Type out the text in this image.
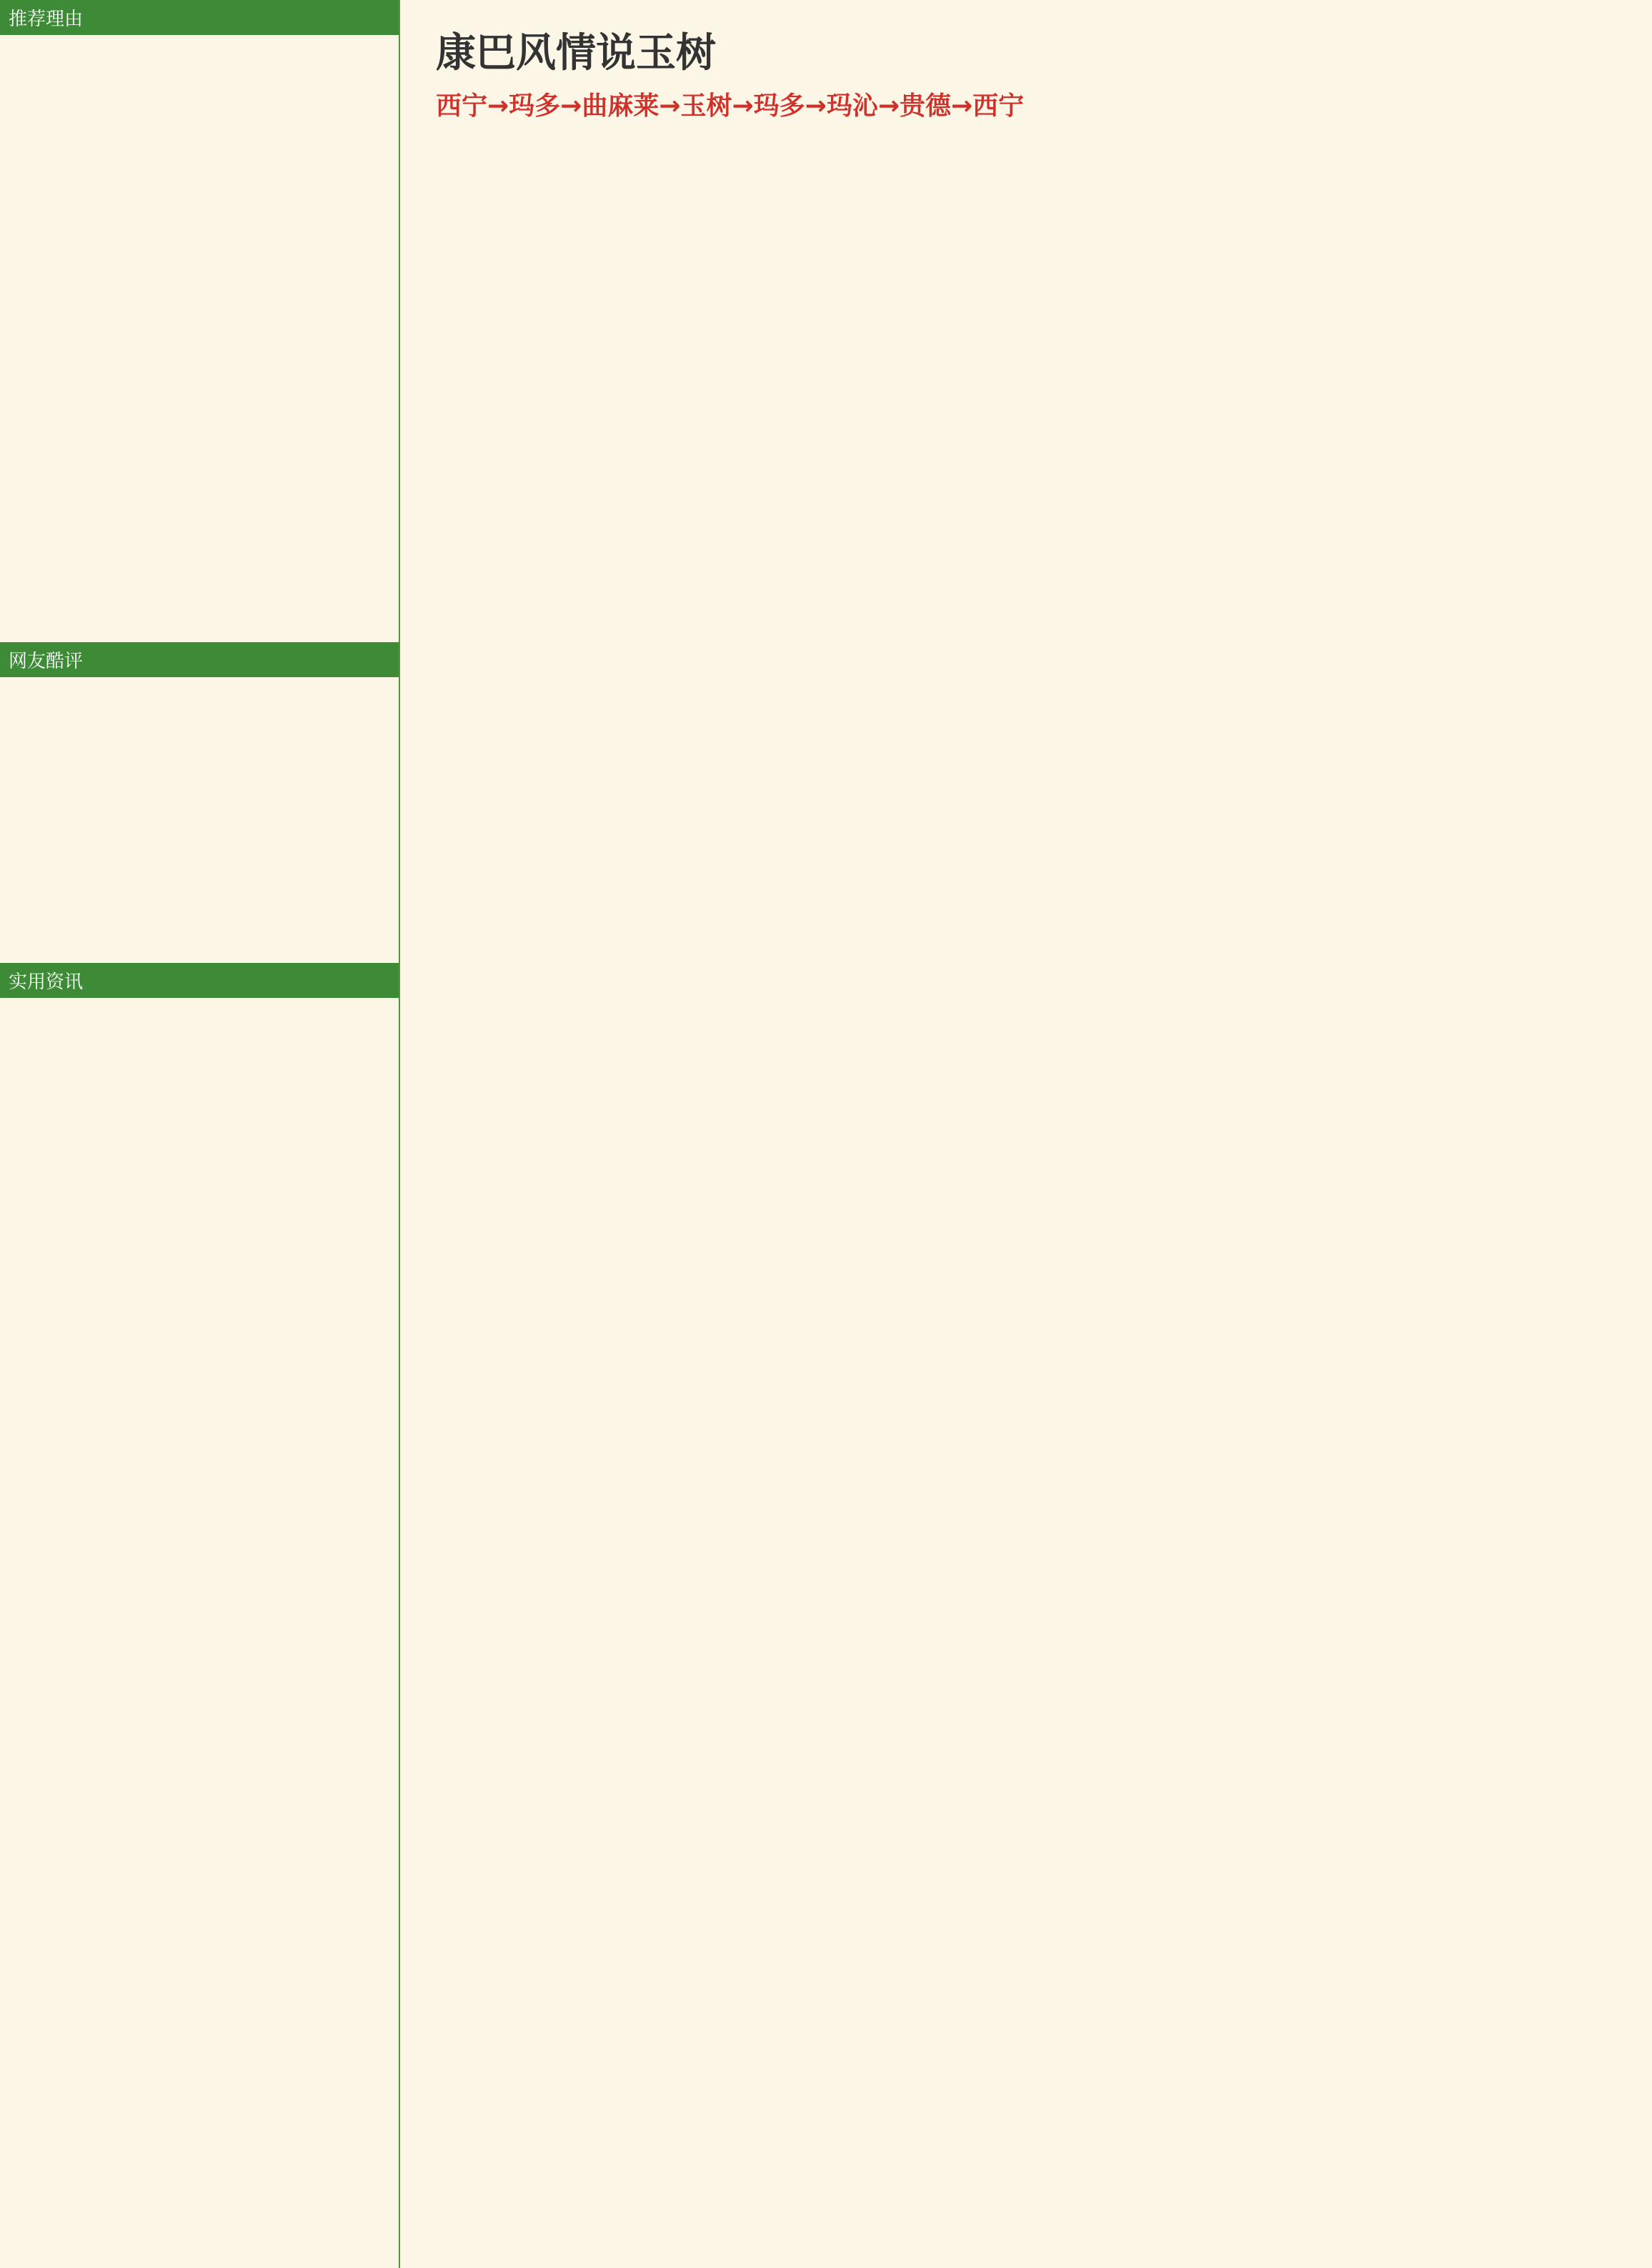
推荐理由
网友酷评
实用资讯
康巴风情说玉树
西宁→玛多→曲麻莱→玉树→玛多→玛沁→贵德→西宁
